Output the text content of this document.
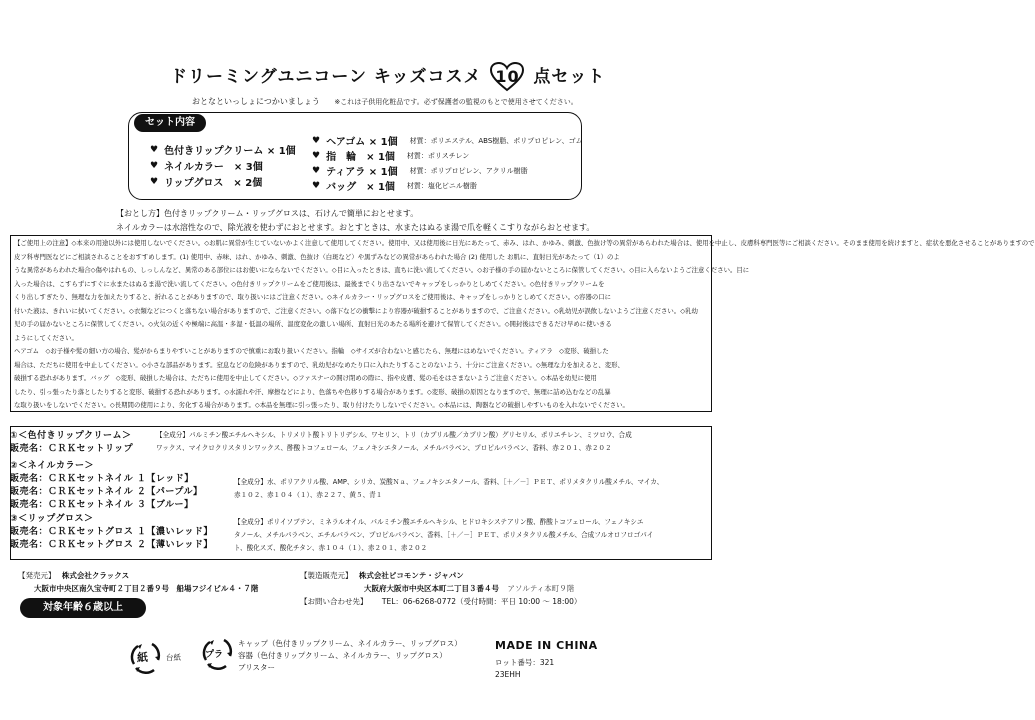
ドリーミングユニコーン キッズコスメ 10 点セット
おとなといっしょにつかいましょう ※これは子供用化粧品です。必ず保護者の監視のもとで使用させてください。
セット内容
♥ 色付きリップクリーム × 1個
♥ ネイルカラー　× 3個
♥ リップグロス　× 2個
♥ ヘアゴム × 1個 材質：ポリエステル、ABS樹脂、ポリプロピレン、ゴム
♥ 指　輪　× 1個 材質：ポリスチレン
♥ ティアラ × 1個 材質：ポリプロピレン、アクリル樹脂
♥ バッグ　× 1個 材質：塩化ビニル樹脂
【おとし方】色付きリップクリーム・リップグロスは、石けんで簡単におとせます。
ネイルカラーは水溶性なので、除光液を使わずにおとせます。おとすときは、水またはぬるま湯で爪を軽くこすりながらおとせます。
【ご使用上の注意】◇本来の用途以外には使用しないでください。◇お肌に異常が生じていないかよく注意して使用してください。使用中、又は使用後に日光にあたって、赤み、はれ、かゆみ、刺激、色抜け等の異常があらわれた場合は、使用を中止し、皮膚科専門医等にご相談ください。そのまま使用を続けますと、症状を悪化させることがありますので
皮フ科専門医などにご相談されることをおすすめします。(1) 使用中、赤味、はれ、かゆみ、刺激、色抜け（白斑など）や黒ずみなどの異常があらわれた場合 (2) 使用した お肌に、直射日光があたって（1）のよ
うな異常があらわれた場合◇傷やはれもの、しっしんなど、異常のある部位にはお使いにならないでください。◇目に入ったときは、直ちに洗い流してください。◇お子様の手の届かないところに保管してください。◇目に入らないようご注意ください。目に
入った場合は、こすらずにすぐに水またはぬるま湯で洗い流してください。◇色付きリップクリームをご使用後は、最後までくり出さないでキャップをしっかりとしめてください。◇色付きリップクリームを
くり出しすぎたり、無理な力を加えたりすると、折れることがありますので、取り扱いにはご注意ください。◇ネイルカラー・リップグロスをご使用後は、キャップをしっかりとしめてください。◇容器の口に
付いた液は、きれいに拭いてください。◇衣類などにつくと落ちない場合がありますので、ご注意ください。◇落下などの衝撃により容器が破損することがありますので、ご注意ください。◇乳幼児が誤飲しないようご注意ください。◇乳幼
児の手の届かないところに保管してください。◇火気の近くや極端に高温・多湿・低温の場所、温度変化の激しい場所、直射日光のあたる場所を避けて保管してください。◇開封後はできるだけ早めに使いきる
ようにしてください。
ヘアゴム　◇お子様や髪の細い方の場合、髪がからまりやすいことがありますので慎重にお取り扱いください。指輪　◇サイズが合わないと感じたら、無理にはめないでください。ティアラ　◇変形、破損した
場合は、ただちに使用を中止してください。◇小さな部品があります。窒息などの危険がありますので、乳幼児がなめたり口に入れたりすることのないよう、十分にご注意ください。◇無理な力を加えると、変形、
破損する恐れがあります。バッグ　◇変形、破損した場合は、ただちに使用を中止してください。◇ファスナーの開け閉めの際に、指や皮膚、髪の毛をはさまないようご注意ください。◇本品を幼児に使用
したり、引っ張ったり落としたりすると変形、破損する恐れがあります。◇水濡れや汗、摩擦などにより、色落ちや色移りする場合があります。◇変形、破損の原因となりますので、無理に詰め込むなどの乱暴
な取り扱いをしないでください。◇長期間の使用により、劣化する場合があります。◇本品を無理に引っ張ったり、取り付けたりしないでください。◇本品には、陶器などの破損しやすいものを入れないでください。
①＜色付きリップクリーム＞
販売名：ＣＲＫセットリップ
【全成分】パルミチン酸エチルヘキシル、トリメリト酸トリトリデシル、ワセリン、トリ（カプリル酸／カプリン酸）グリセリル、ポリエチレン、ミツロウ、合成
ワックス、マイクロクリスタリンワックス、酢酸トコフェロール、フェノキシエタノール、メチルパラベン、プロピルパラベン、香料、赤２０１、赤２０２
②＜ネイルカラー＞
販売名：ＣＲＫセットネイル １【レッド】
販売名：ＣＲＫセットネイル ２【パープル】
販売名：ＣＲＫセットネイル ３【ブルー】
【全成分】水、ポリアクリル酸、AMP、シリカ、炭酸Ｎａ、フェノキシエタノール、香料、［＋／－］ＰＥＴ、ポリメタクリル酸メチル、マイカ、
赤１０２、赤１０４（１）、赤２２７、黄５、青１
③＜リップグロス＞
販売名：ＣＲＫセットグロス １【濃いレッド】
販売名：ＣＲＫセットグロス ２【薄いレッド】
【全成分】ポリイソブテン、ミネラルオイル、パルミチン酸エチルヘキシル、ヒドロキシステアリン酸、酢酸トコフェロール、フェノキシエ
タノール、メチルパラベン、エチルパラベン、プロピルパラベン、香料、［＋／－］ＰＥＴ、ポリメタクリル酸メチル、合成フルオロフロゴパイ
ト、酸化スズ、酸化チタン、赤１０４（１）、赤２０１、赤２０２
【発売元】 株式会社クラックス
大阪市中央区南久宝寺町２丁目２番９号　船場フジイビル４・７階
【製造販売元】 株式会社ピコモンテ・ジャパン
大阪府大阪市中央区本町二丁目３番４号 アソルティ本町９階
【お問い合わせ先】 TEL：06-6268-0772（受付時間：平日 10:00 ～ 18:00）
対象年齢６歳以上
紙 台紙	プラ
キャップ（色付きリップクリーム、ネイルカラー、リップグロス）
容器（色付きリップクリーム、ネイルカラー、リップグロス）
ブリスター
MADE IN CHINA
ロット番号：321
23EHH
